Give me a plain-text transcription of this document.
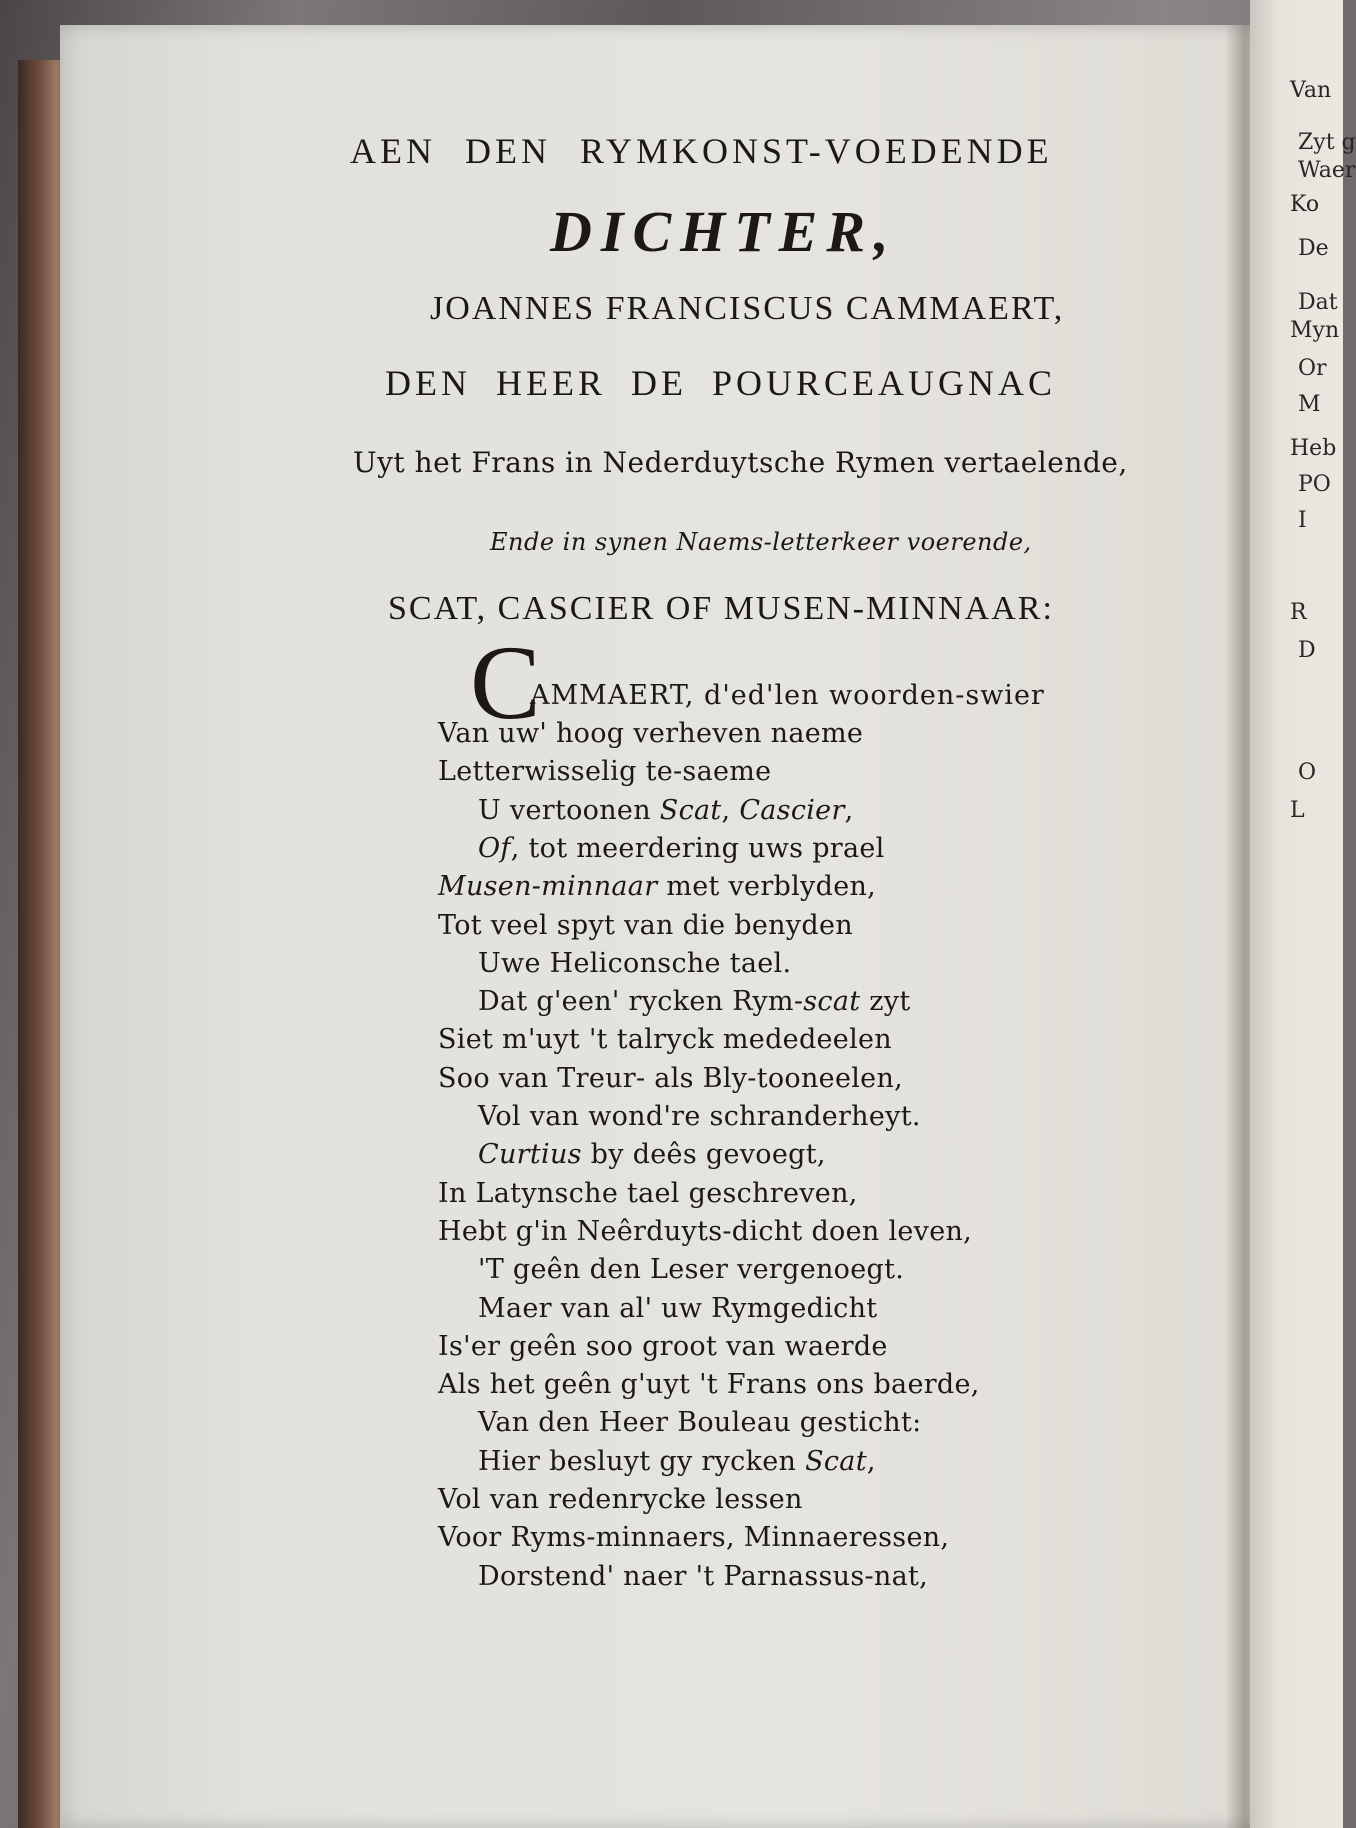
Van
Zyt g
Waer
Ko
De
Dat
Myn
Or
M
Heb
PO
I
R
D
O
L
AEN DEN RYMKONST-VOEDENDE
DICHTER,
JOANNES FRANCISCUS CAMMAERT,
DEN HEER DE POURCEAUGNAC
Uyt het Frans in Nederduytsche Rymen vertaelende,
Ende in synen Naems-letterkeer voerende,
SCAT, CASCIER OF MUSEN-MINNAAR:
C
AMMAERT, d'ed'len woorden-swier
Van uw' hoog verheven naeme
Letterwisselig te-saeme
U vertoonen Scat, Cascier,
Of, tot meerdering uws prael
Musen-minnaar met verblyden,
Tot veel spyt van die benyden
Uwe Heliconsche tael.
Dat g'een' rycken Rym-scat zyt
Siet m'uyt 't talryck mededeelen
Soo van Treur- als Bly-tooneelen,
Vol van wond're schranderheyt.
Curtius by deês gevoegt,
In Latynsche tael geschreven,
Hebt g'in Neêrduyts-dicht doen leven,
'T geên den Leser vergenoegt.
Maer van al' uw Rymgedicht
Is'er geên soo groot van waerde
Als het geên g'uyt 't Frans ons baerde,
Van den Heer Bouleau gesticht:
Hier besluyt gy rycken Scat,
Vol van redenrycke lessen
Voor Ryms-minnaers, Minnaeressen,
Dorstend' naer 't Parnassus-nat,
